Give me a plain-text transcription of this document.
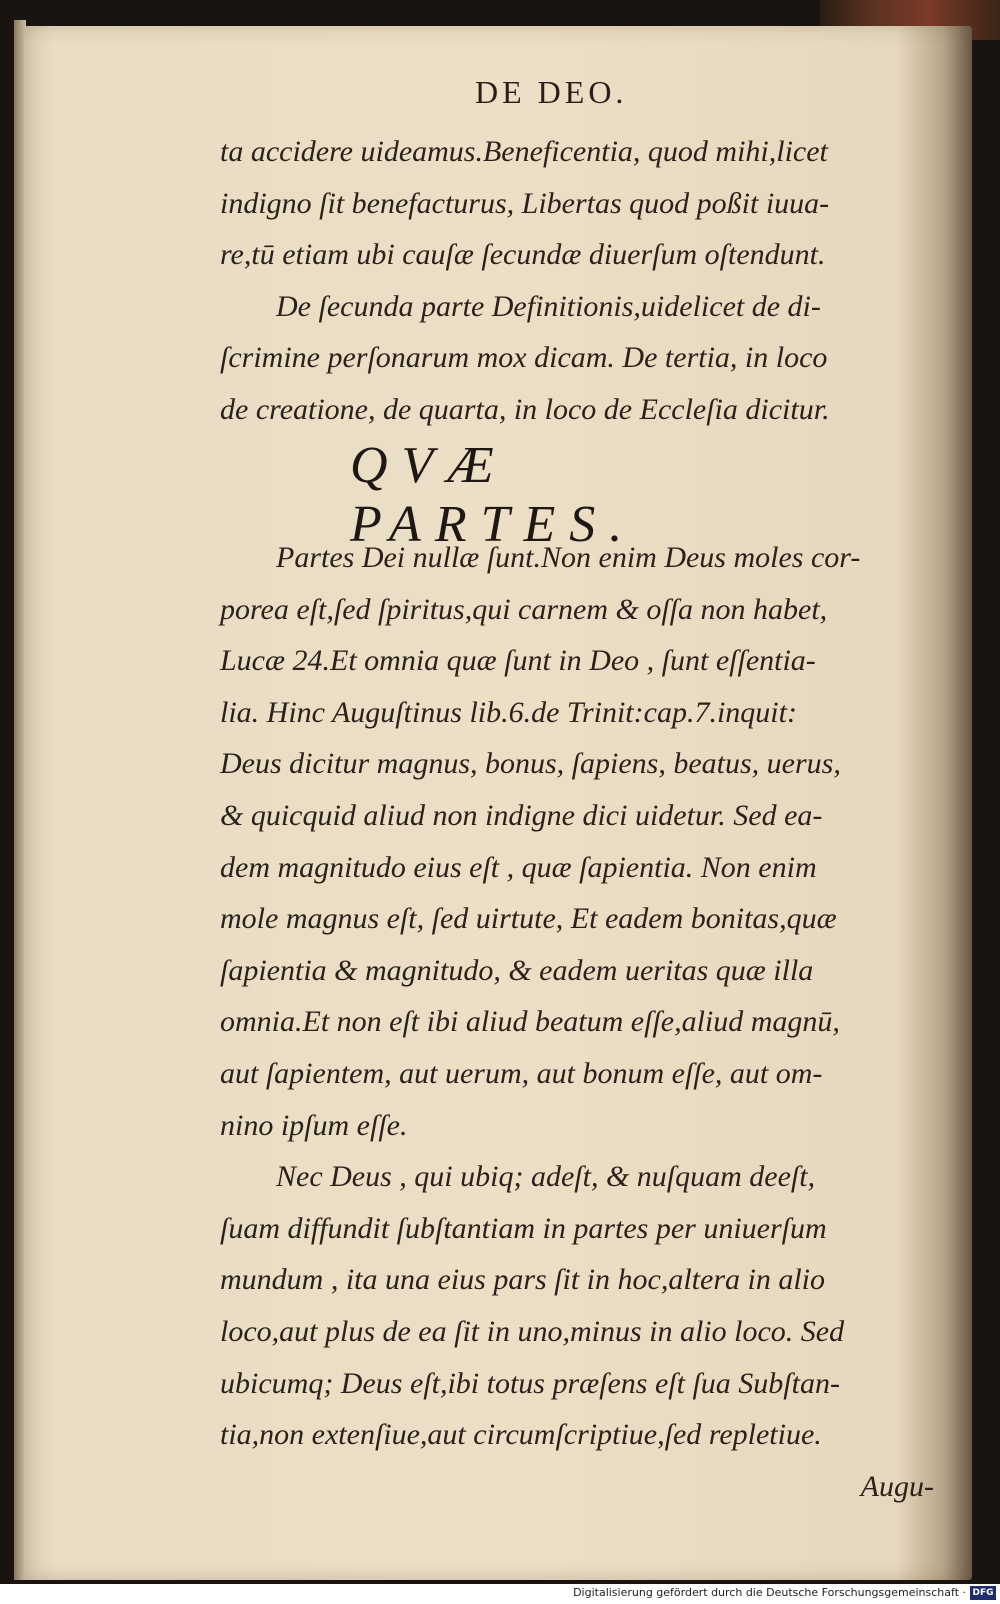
DE DEO.
ta accidere uideamus.Beneficentia, quod mihi,licet
indigno ſit benefacturus, Libertas quod poßit iuua-
re,tū etiam ubi cauſæ ſecundæ diuerſum oſtendunt.
De ſecunda parte Definitionis,uidelicet de di-
ſcrimine perſonarum mox dicam. De tertia, in loco
de creatione, de quarta, in loco de Eccleſia dicitur.
QVÆ PARTES.
Partes Dei nullæ ſunt.Non enim Deus moles cor-
porea eſt,ſed ſpiritus,qui carnem & oſſa non habet,
Lucæ 24.Et omnia quæ ſunt in Deo , ſunt eſſentia-
lia. Hinc Auguſtinus lib.6.de Trinit:cap.7.inquit:
Deus dicitur magnus, bonus, ſapiens, beatus, uerus,
& quicquid aliud non indigne dici uidetur. Sed ea-
dem magnitudo eius eſt , quæ ſapientia. Non enim
mole magnus eſt, ſed uirtute, Et eadem bonitas,quæ
ſapientia & magnitudo, & eadem ueritas quæ illa
omnia.Et non eſt ibi aliud beatum eſſe,aliud magnū,
aut ſapientem, aut uerum, aut bonum eſſe, aut om-
nino ipſum eſſe.
Nec Deus , qui ubiq; adeſt, & nuſquam deeſt,
ſuam diffundit ſubſtantiam in partes per uniuerſum
mundum , ita una eius pars ſit in hoc,altera in alio
loco,aut plus de ea ſit in uno,minus in alio loco. Sed
ubicumq; Deus eſt,ibi totus præſens eſt ſua Subſtan-
tia,non extenſiue,aut circumſcriptiue,ſed repletiue.
Augu-
Digitalisierung gefördert durch die Deutsche Forschungsgemeinschaft · DFG
